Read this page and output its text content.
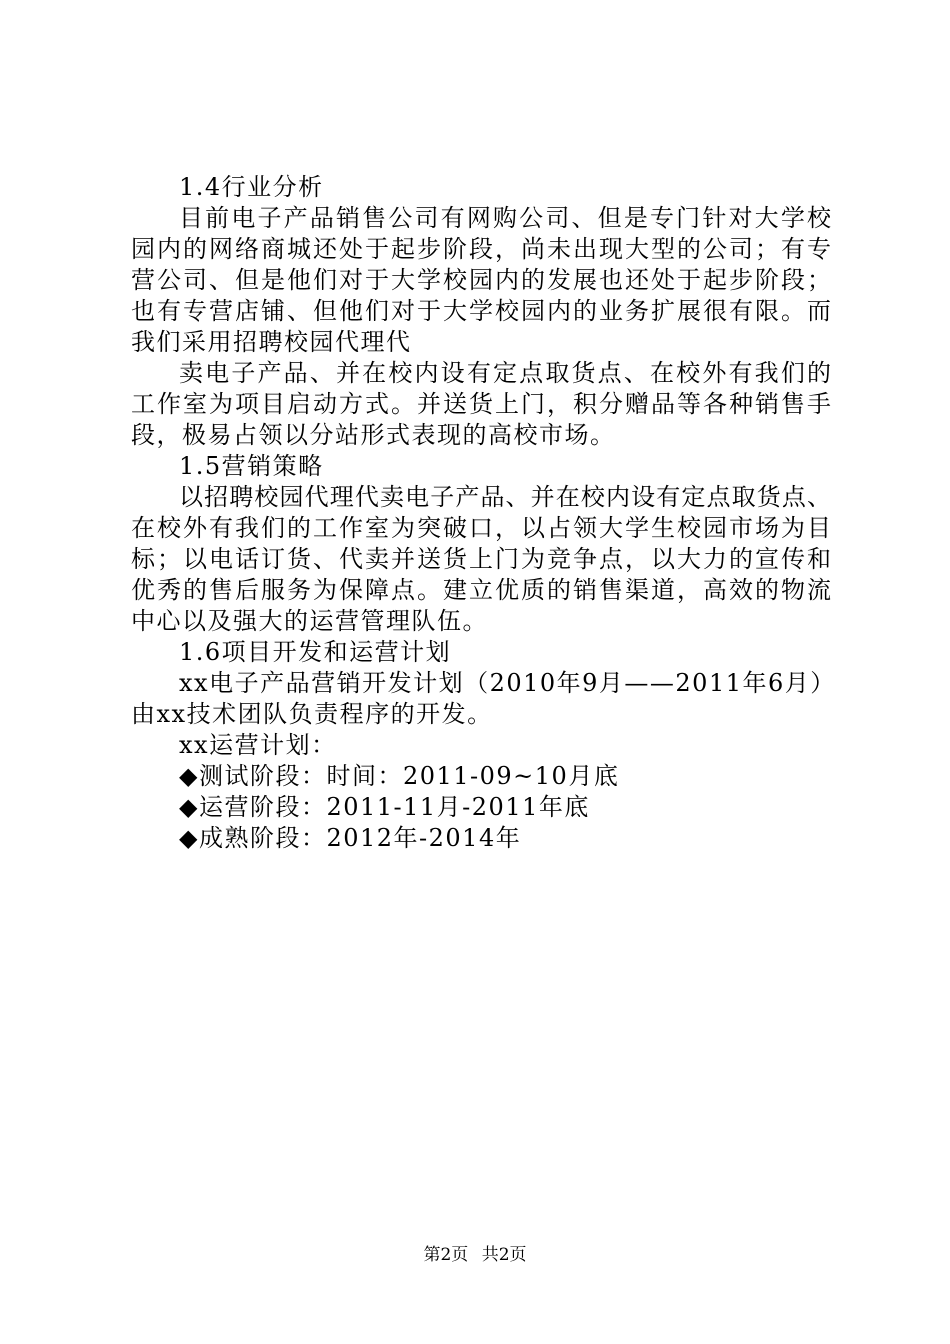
1.4行业分析
目前电子产品销售公司有网购公司、但是专门针对大学校
园内的网络商城还处于起步阶段，尚未出现大型的公司；有专
营公司、但是他们对于大学校园内的发展也还处于起步阶段；
也有专营店铺、但他们对于大学校园内的业务扩展很有限。而
我们采用招聘校园代理代
卖电子产品、并在校内设有定点取货点、在校外有我们的
工作室为项目启动方式。并送货上门，积分赠品等各种销售手
段，极易占领以分站形式表现的高校市场。
1.5营销策略
以招聘校园代理代卖电子产品、并在校内设有定点取货点、
在校外有我们的工作室为突破口，以占领大学生校园市场为目
标；以电话订货、代卖并送货上门为竞争点，以大力的宣传和
优秀的售后服务为保障点。建立优质的销售渠道，高效的物流
中心以及强大的运营管理队伍。
1.6项目开发和运营计划
xx电子产品营销开发计划（2010年9月——2011年6月）
由xx技术团队负责程序的开发。
xx运营计划：
◆测试阶段：时间：2011-09~10月底
◆运营阶段：2011-11月-2011年底
◆成熟阶段：2012年-2014年
第2页 共2页
